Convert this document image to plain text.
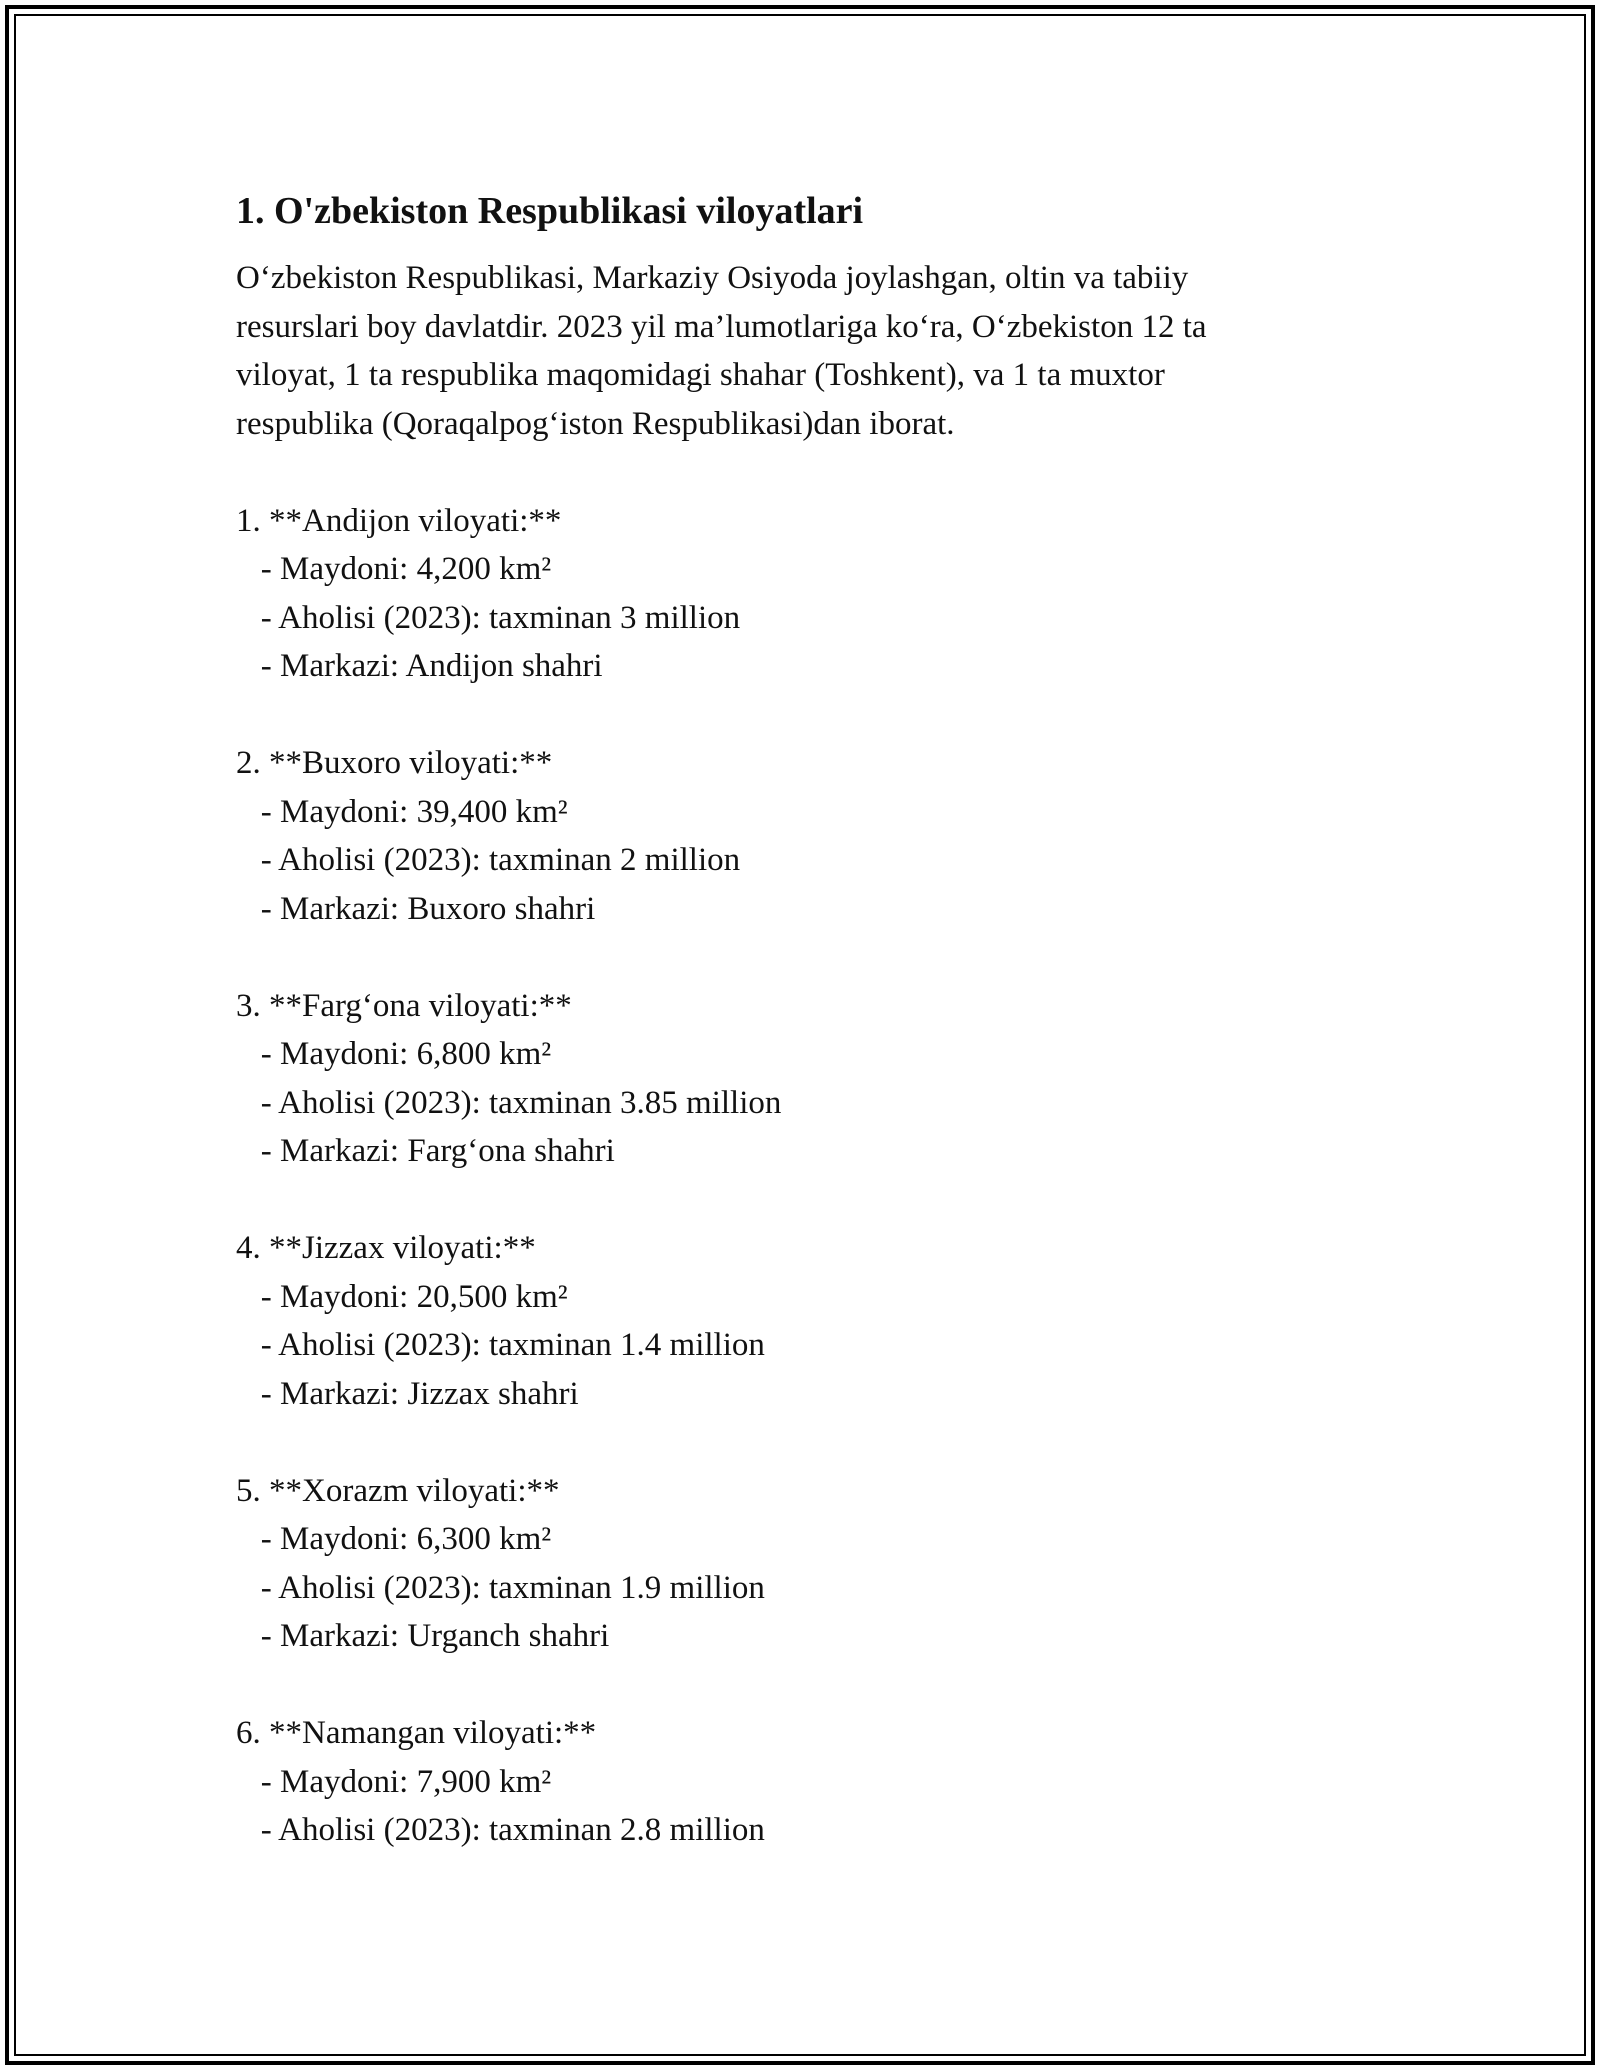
1. O'zbekiston Respublikasi viloyatlari

O‘zbekiston Respublikasi, Markaziy Osiyoda joylashgan, oltin va tabiiy
resurslari boy davlatdir. 2023 yil ma’lumotlariga ko‘ra, O‘zbekiston 12 ta
viloyat, 1 ta respublika maqomidagi shahar (Toshkent), va 1 ta muxtor
respublika (Qoraqalpog‘iston Respublikasi)dan iborat.

1. **Andijon viloyati:**
- Maydoni: 4,200 km²
- Aholisi (2023): taxminan 3 million
- Markazi: Andijon shahri
2. **Buxoro viloyati:**
- Maydoni: 39,400 km²
- Aholisi (2023): taxminan 2 million
- Markazi: Buxoro shahri
3. **Farg‘ona viloyati:**
- Maydoni: 6,800 km²
- Aholisi (2023): taxminan 3.85 million
- Markazi: Farg‘ona shahri
4. **Jizzax viloyati:**
- Maydoni: 20,500 km²
- Aholisi (2023): taxminan 1.4 million
- Markazi: Jizzax shahri
5. **Xorazm viloyati:**
- Maydoni: 6,300 km²
- Aholisi (2023): taxminan 1.9 million
- Markazi: Urganch shahri
6. **Namangan viloyati:**
- Maydoni: 7,900 km²
- Aholisi (2023): taxminan 2.8 million
